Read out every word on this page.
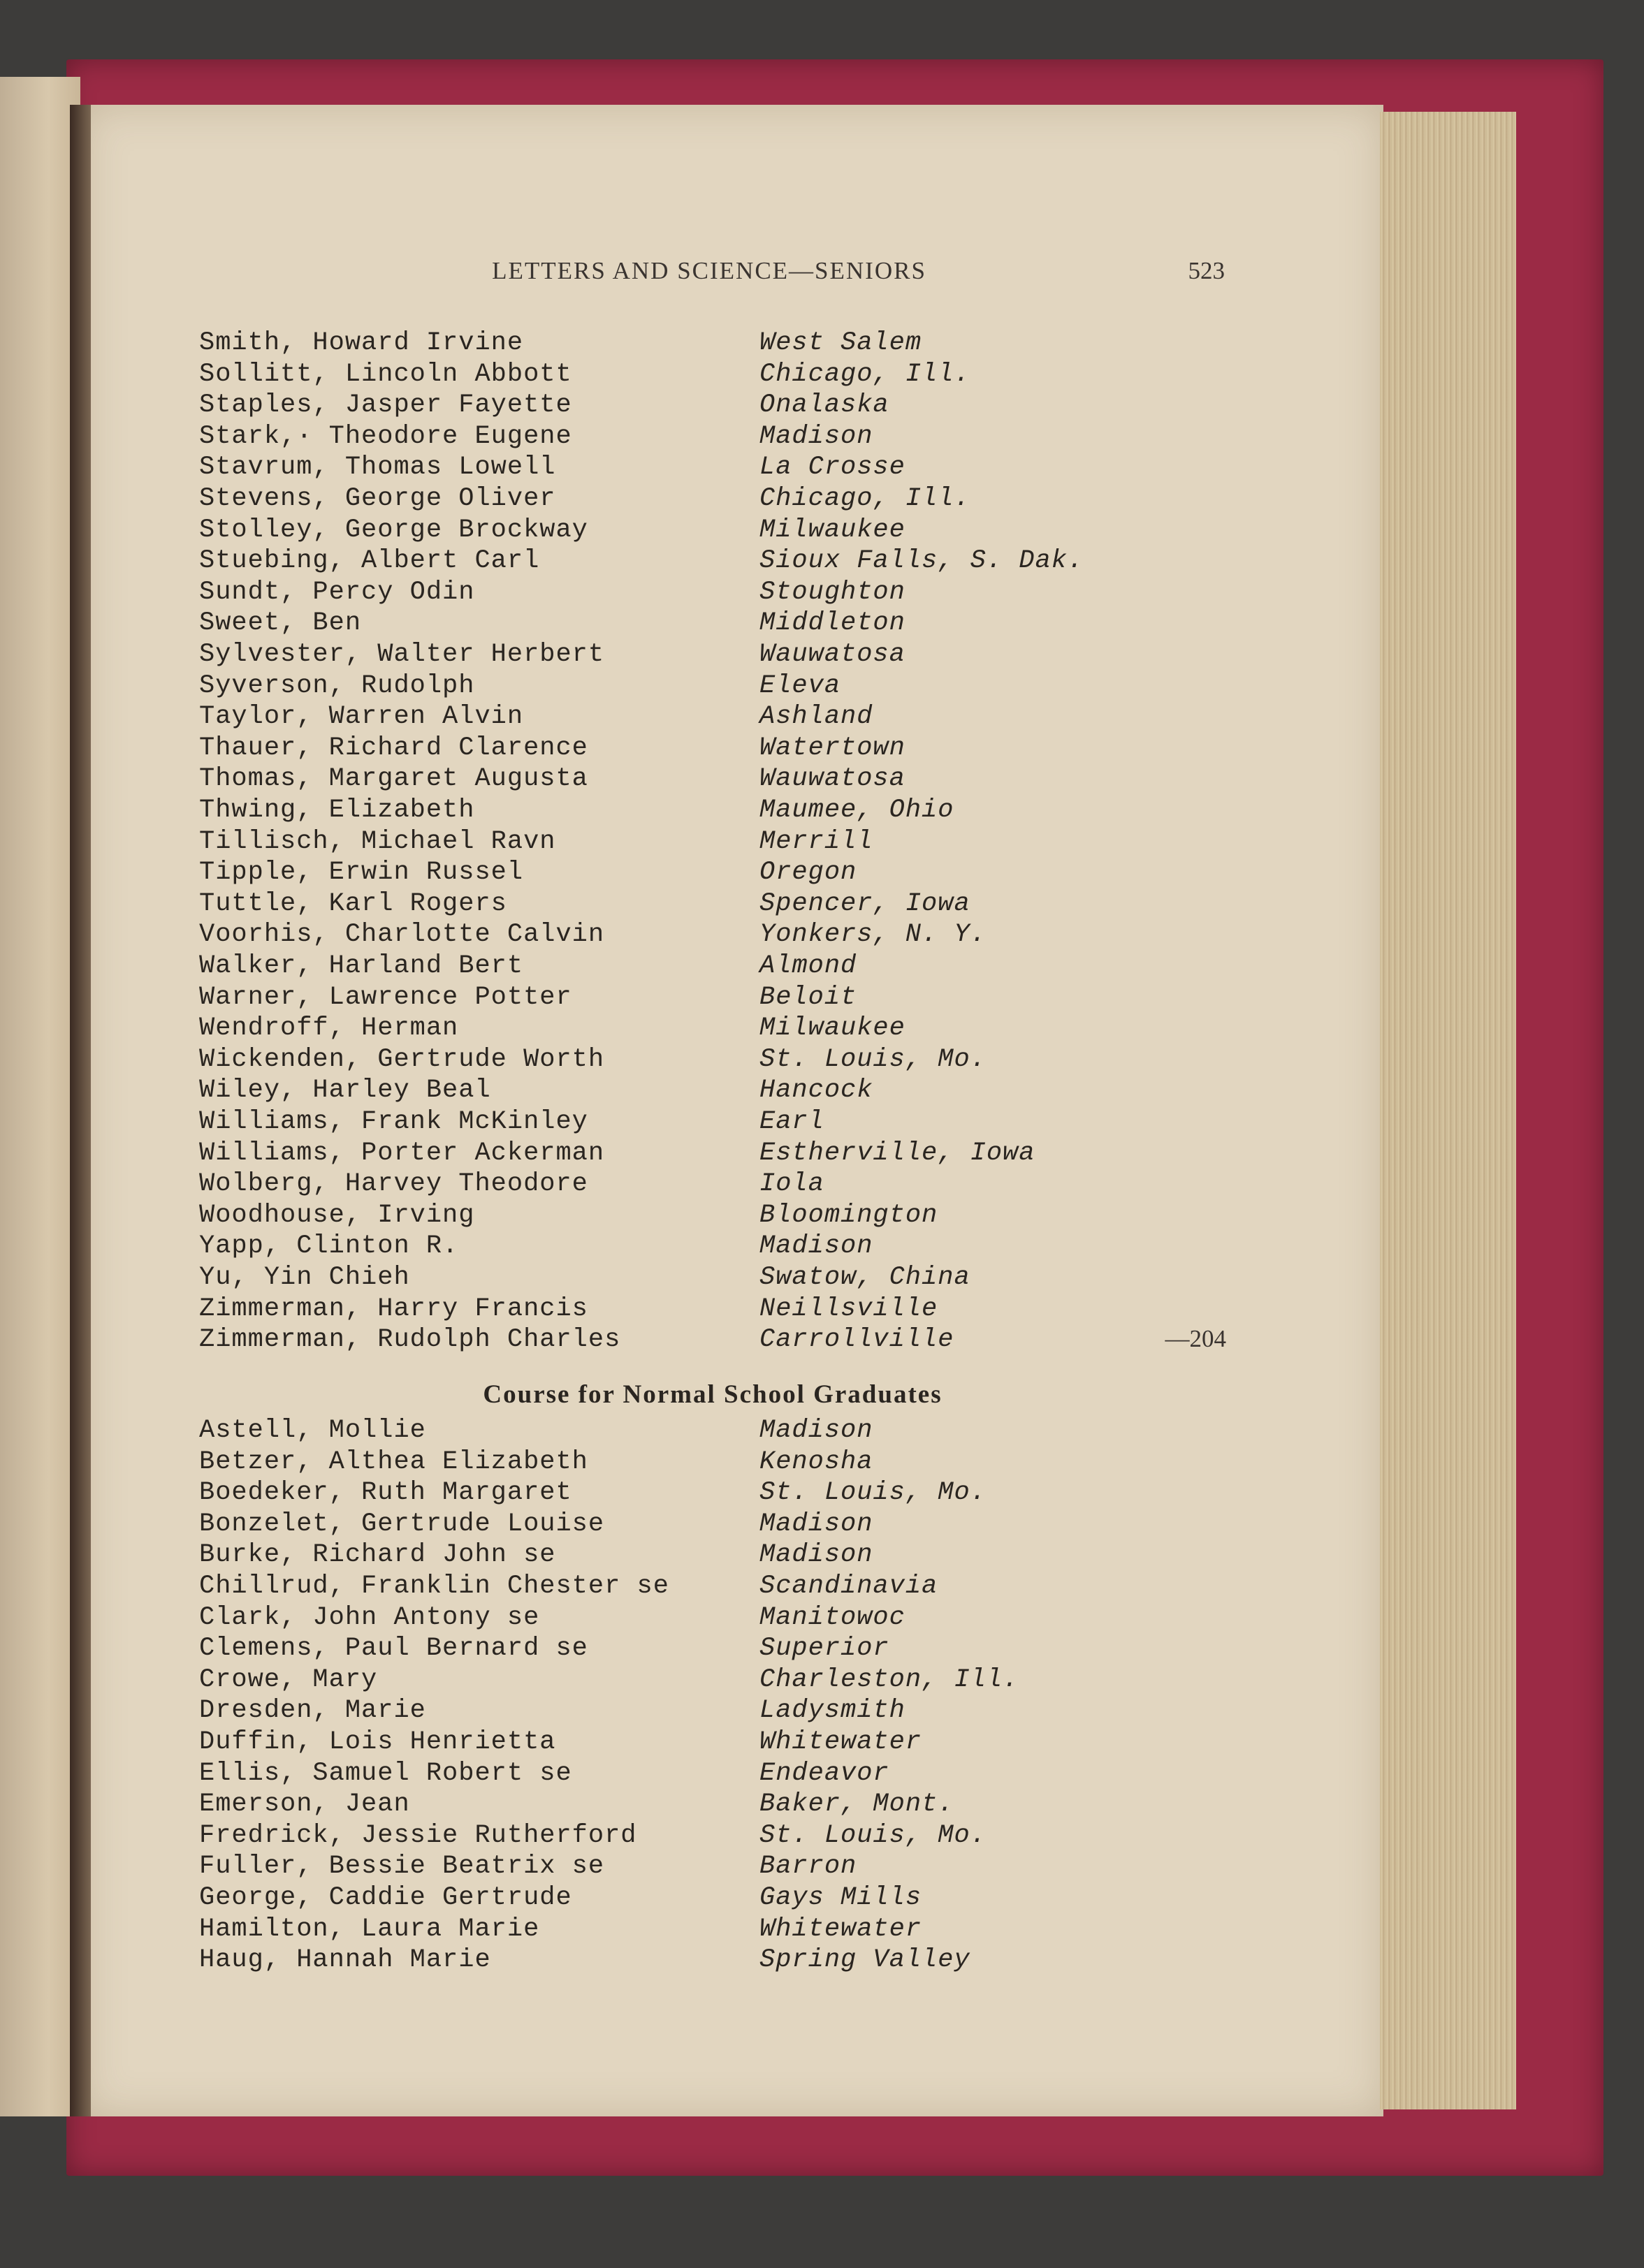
LETTERS AND SCIENCE—SENIORS	523
Smith, Howard Irvine	West Salem
Sollitt, Lincoln Abbott	Chicago, Ill.
Staples, Jasper Fayette	Onalaska
Stark,· Theodore Eugene	Madison
Stavrum, Thomas Lowell	La Crosse
Stevens, George Oliver	Chicago, Ill.
Stolley, George Brockway	Milwaukee
Stuebing, Albert Carl	Sioux Falls, S. Dak.
Sundt, Percy Odin	Stoughton
Sweet, Ben	Middleton
Sylvester, Walter Herbert	Wauwatosa
Syverson, Rudolph	Eleva
Taylor, Warren Alvin	Ashland
Thauer, Richard Clarence	Watertown
Thomas, Margaret Augusta	Wauwatosa
Thwing, Elizabeth	Maumee, Ohio
Tillisch, Michael Ravn	Merrill
Tipple, Erwin Russel	Oregon
Tuttle, Karl Rogers	Spencer, Iowa
Voorhis, Charlotte Calvin	Yonkers, N. Y.
Walker, Harland Bert	Almond
Warner, Lawrence Potter	Beloit
Wendroff, Herman	Milwaukee
Wickenden, Gertrude Worth	St. Louis, Mo.
Wiley, Harley Beal	Hancock
Williams, Frank McKinley	Earl
Williams, Porter Ackerman	Estherville, Iowa
Wolberg, Harvey Theodore	Iola
Woodhouse, Irving	Bloomington
Yapp, Clinton R.	Madison
Yu, Yin Chieh	Swatow, China
Zimmerman, Harry Francis	Neillsville
Zimmerman, Rudolph Charles	Carrollville	—204
Course for Normal School Graduates
Astell, Mollie	Madison
Betzer, Althea Elizabeth	Kenosha
Boedeker, Ruth Margaret	St. Louis, Mo.
Bonzelet, Gertrude Louise	Madison
Burke, Richard John se	Madison
Chillrud, Franklin Chester se	Scandinavia
Clark, John Antony se	Manitowoc
Clemens, Paul Bernard se	Superior
Crowe, Mary	Charleston, Ill.
Dresden, Marie	Ladysmith
Duffin, Lois Henrietta	Whitewater
Ellis, Samuel Robert se	Endeavor
Emerson, Jean	Baker, Mont.
Fredrick, Jessie Rutherford	St. Louis, Mo.
Fuller, Bessie Beatrix se	Barron
George, Caddie Gertrude	Gays Mills
Hamilton, Laura Marie	Whitewater
Haug, Hannah Marie	Spring Valley
